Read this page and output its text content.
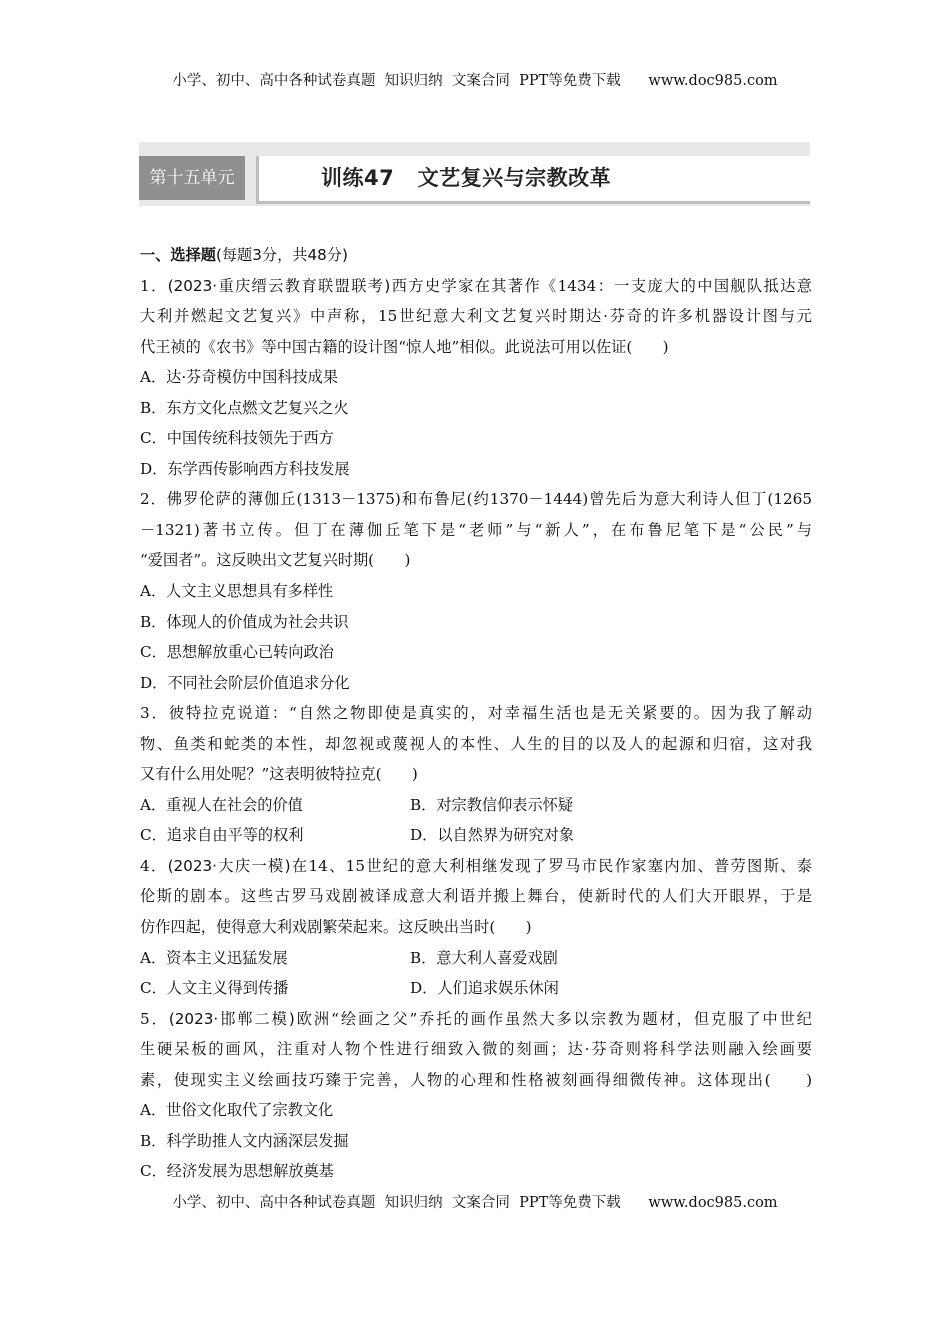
小学、初中、高中各种试卷真题  知识归纳  文案合同  PPT等免费下载      www.doc985.com
第十五单元	训练47   文艺复兴与宗教改革
一、选择题(每题3分，共48分)
1．(2023·重庆缙云教育联盟联考)西方史学家在其著作《1434：一支庞大的中国舰队抵达意
大利并燃起文艺复兴》中声称，15世纪意大利文艺复兴时期达·芬奇的许多机器设计图与元
代王祯的《农书》等中国古籍的设计图“惊人地”相似。此说法可用以佐证(　　)
A．达·芬奇模仿中国科技成果
B．东方文化点燃文艺复兴之火
C．中国传统科技领先于西方
D．东学西传影响西方科技发展
2．佛罗伦萨的薄伽丘(1313－1375)和布鲁尼(约1370－1444)曾先后为意大利诗人但丁(1265
－1321)著书立传。但丁在薄伽丘笔下是“老师”与“新人”，在布鲁尼笔下是“公民”与
“爱国者”。这反映出文艺复兴时期(　　)
A．人文主义思想具有多样性
B．体现人的价值成为社会共识
C．思想解放重心已转向政治
D．不同社会阶层价值追求分化
3．彼特拉克说道：“自然之物即使是真实的，对幸福生活也是无关紧要的。因为我了解动
物、鱼类和蛇类的本性，却忽视或蔑视人的本性、人生的目的以及人的起源和归宿，这对我
又有什么用处呢？”这表明彼特拉克(　　)
A．重视人在社会的价值	B．对宗教信仰表示怀疑
C．追求自由平等的权利	D．以自然界为研究对象
4．(2023·大庆一模)在14、15世纪的意大利相继发现了罗马市民作家塞内加、普劳图斯、泰
伦斯的剧本。这些古罗马戏剧被译成意大利语并搬上舞台，使新时代的人们大开眼界，于是
仿作四起，使得意大利戏剧繁荣起来。这反映出当时(　　)
A．资本主义迅猛发展	B．意大利人喜爱戏剧
C．人文主义得到传播	D．人们追求娱乐休闲
5．(2023·邯郸二模)欧洲“绘画之父”乔托的画作虽然大多以宗教为题材，但克服了中世纪
生硬呆板的画风，注重对人物个性进行细致入微的刻画；达·芬奇则将科学法则融入绘画要
素，使现实主义绘画技巧臻于完善，人物的心理和性格被刻画得细微传神。这体现出(　　)
A．世俗文化取代了宗教文化
B．科学助推人文内涵深层发掘
C．经济发展为思想解放奠基
小学、初中、高中各种试卷真题  知识归纳  文案合同  PPT等免费下载      www.doc985.com
